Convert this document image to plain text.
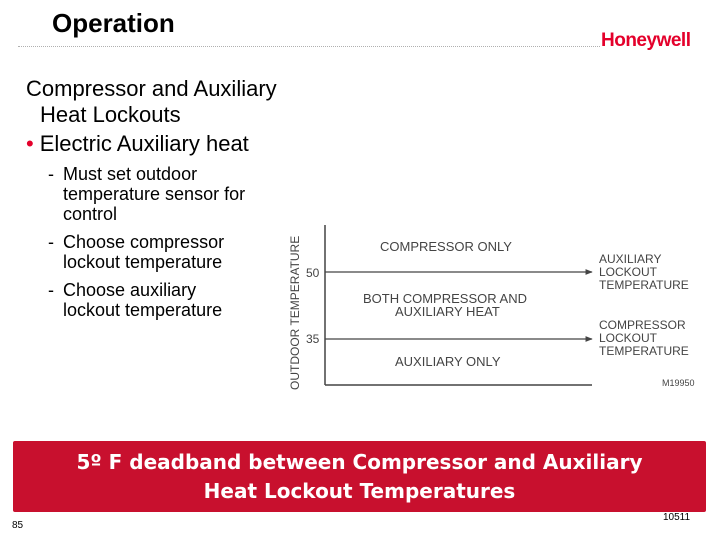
Operation
Honeywell
Compressor and Auxiliary
Heat Lockouts
• Electric Auxiliary heat
- Must set outdoor
temperature sensor for
control
- Choose compressor
lockout temperature
- Choose auxiliary
lockout temperature	OUTDOOR TEMPERATURE 50
35
COMPRESSOR ONLY
BOTH COMPRESSOR AND
AUXILIARY HEAT
AUXILIARY ONLY
AUXILIARY
LOCKOUT
TEMPERATURE
COMPRESSOR
LOCKOUT
TEMPERATURE
M19950
5º F deadband between Compressor and Auxiliary
Heat Lockout Temperatures
85
10511
